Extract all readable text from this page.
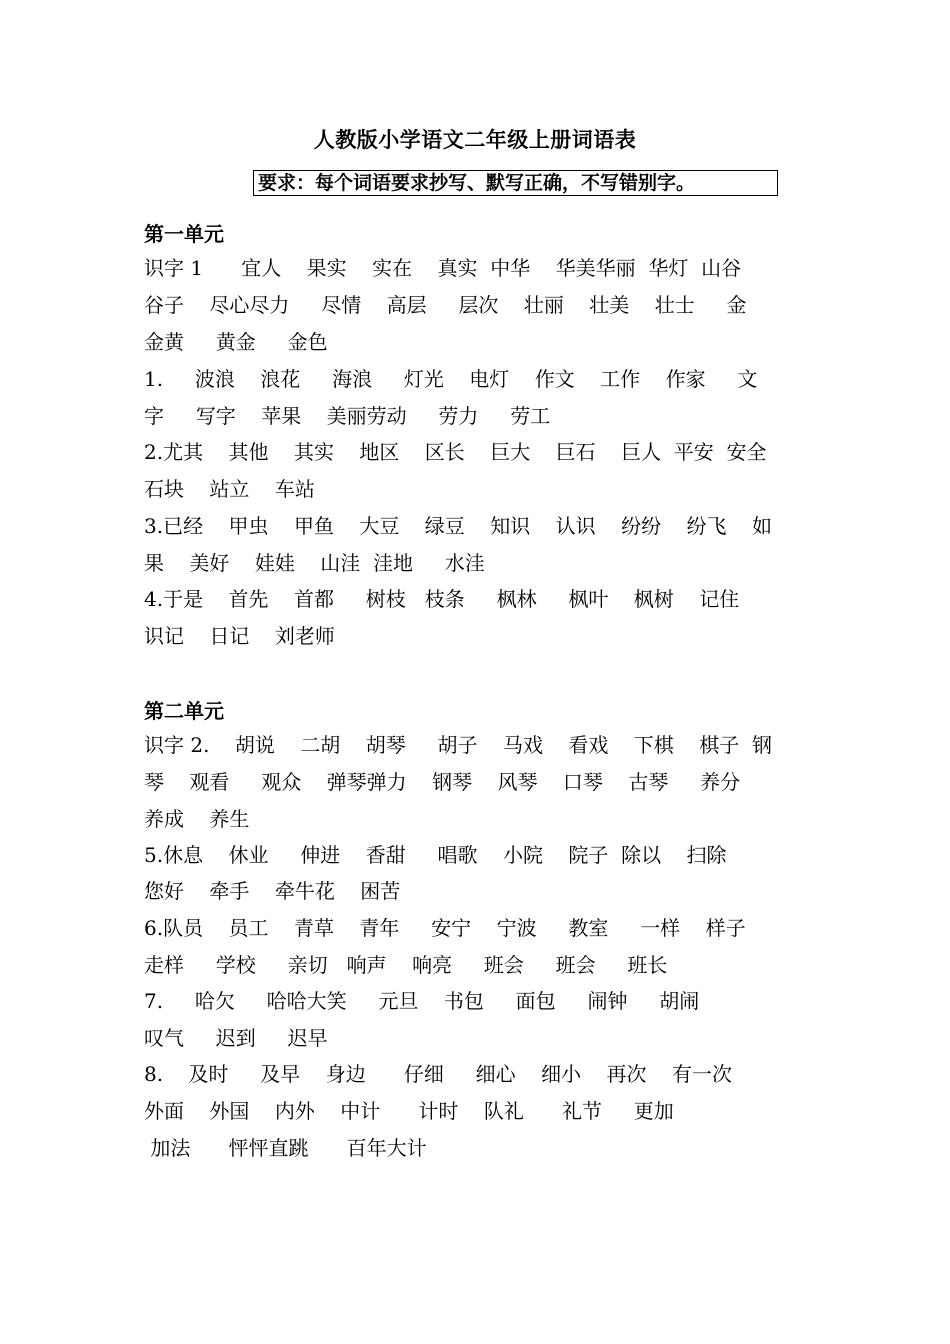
人教版小学语文二年级上册词语表
要求：每个词语要求抄写、默写正确，不写错别字。
第一单元
识字 1      宜人    果实    实在    真实  中华    华美华丽  华灯  山谷
谷子    尽心尽力     尽情    高层     层次    壮丽    壮美    壮士     金
金黄     黄金     金色
1.     波浪    浪花     海浪     灯光    电灯    作文    工作    作家     文
字     写字    苹果    美丽劳动     劳力     劳工
2.尤其    其他    其实    地区    区长    巨大    巨石    巨人  平安  安全
石块    站立    车站
3.已经    甲虫    甲鱼    大豆    绿豆    知识    认识    纷纷    纷飞    如
果    美好    娃娃    山洼  洼地     水洼
4.于是    首先    首都     树枝   枝条     枫林     枫叶    枫树    记住
识记    日记    刘老师
第二单元
识字 2.    胡说    二胡    胡琴     胡子    马戏    看戏    下棋    棋子  钢
琴    观看     观众    弹琴弹力    钢琴    风琴    口琴    古琴     养分
养成    养生
5.休息    休业     伸进    香甜     唱歌    小院    院子  除以    扫除
您好    牵手    牵牛花    困苦
6.队员    员工    青草    青年     安宁    宁波     教室     一样    样子
走样     学校     亲切   响声    响亮     班会     班会     班长
7.     哈欠     哈哈大笑     元旦    书包     面包     闹钟     胡闹
叹气     迟到     迟早
8.    及时     及早    身边      仔细     细心    细小    再次    有一次
外面    外国    内外    中计      计时    队礼      礼节     更加
加法      怦怦直跳      百年大计
